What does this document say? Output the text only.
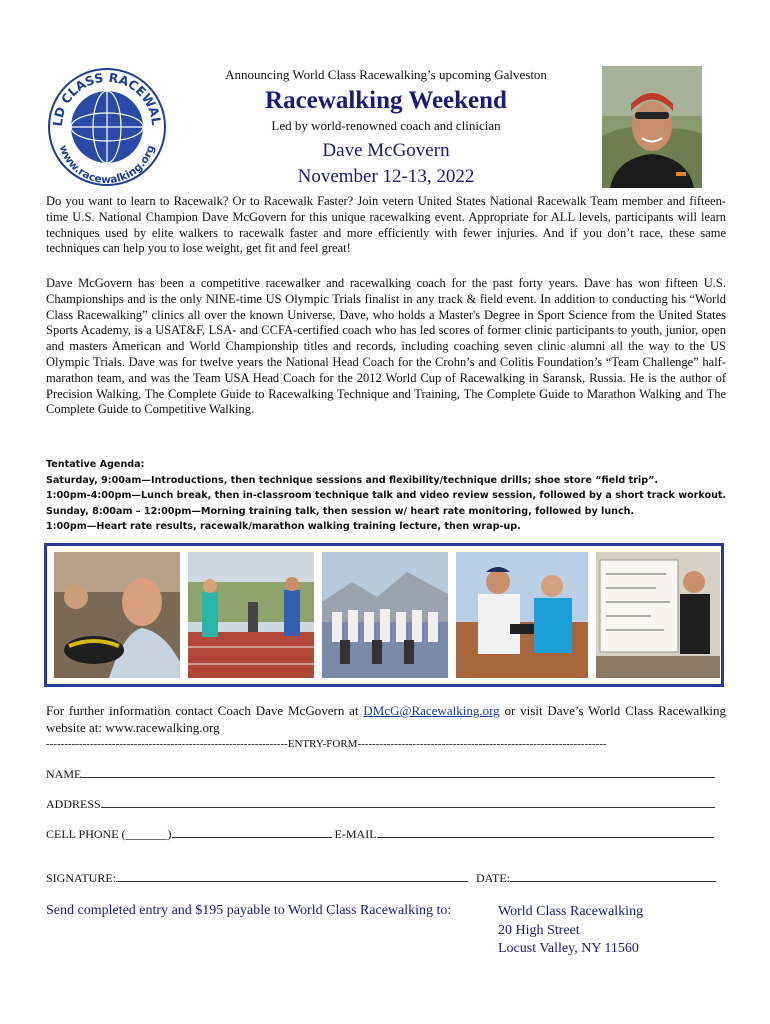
LD CLASS RACEWAL
www.racewalking.org
Announcing World Class Racewalking’s upcoming Galveston
Racewalking Weekend
Led by world-renowned coach and clinician
Dave McGovern
November 12-13, 2022

Do you want to learn to Racewalk? Or to Racewalk Faster? Join vetern United States National Racewalk Team member and fifteen-time U.S. National Champion Dave McGovern for this unique racewalking event. Appropriate for ALL levels, participants will learn techniques used by elite walkers to racewalk faster and more efficiently with fewer injuries. And if you don’t race, these same techniques can help you to lose weight, get fit and feel great!

Dave McGovern has been a competitive racewalker and racewalking coach for the past forty years. Dave has won fifteen U.S. Championships and is the only NINE-time US Olympic Trials finalist in any track & field event. In addition to conducting his “World Class Racewalking” clinics all over the known Universe, Dave, who holds a Master's Degree in Sport Science from the United States Sports Academy, is a USAT&F, LSA- and CCFA-certified coach who has led scores of former clinic participants to youth, junior, open and masters American and World Championship titles and records, including coaching seven clinic alumni all the way to the US Olympic Trials. Dave was for twelve years the National Head Coach for the Crohn’s and Colitis Foundation’s “Team Challenge” half-marathon team, and was the Team USA Head Coach for the 2012 World Cup of Racewalking in Saransk, Russia. He is the author of Precision Walking, The Complete Guide to Racewalking Technique and Training, The Complete Guide to Marathon Walking and The Complete Guide to Competitive Walking.

Tentative Agenda:
Saturday, 9:00am—Introductions, then technique sessions and flexibility/technique drills; shoe store “field trip”.
1:00pm-4:00pm—Lunch break, then in-classroom technique talk and video review session, followed by a short track workout.
Sunday, 8:00am – 12:00pm—Morning training talk, then session w/ heart rate monitoring, followed by lunch.
1:00pm—Heart rate results, racewalk/marathon walking training lecture, then wrap-up.
For further information contact Coach Dave McGovern at DMcG@Racewalking.org or visit Dave’s World Class Racewalking website at: www.racewalking.org
------------------------------------------------------------------ENTRY-FORM--------------------------------------------------------------------
NAME
ADDRESS
CELL PHONE (_______)	E-MAIL
SIGNATURE:	DATE:
Send completed entry and $195 payable to World Class Racewalking to:	World Class Racewalking
20 High Street
Locust Valley, NY 11560
